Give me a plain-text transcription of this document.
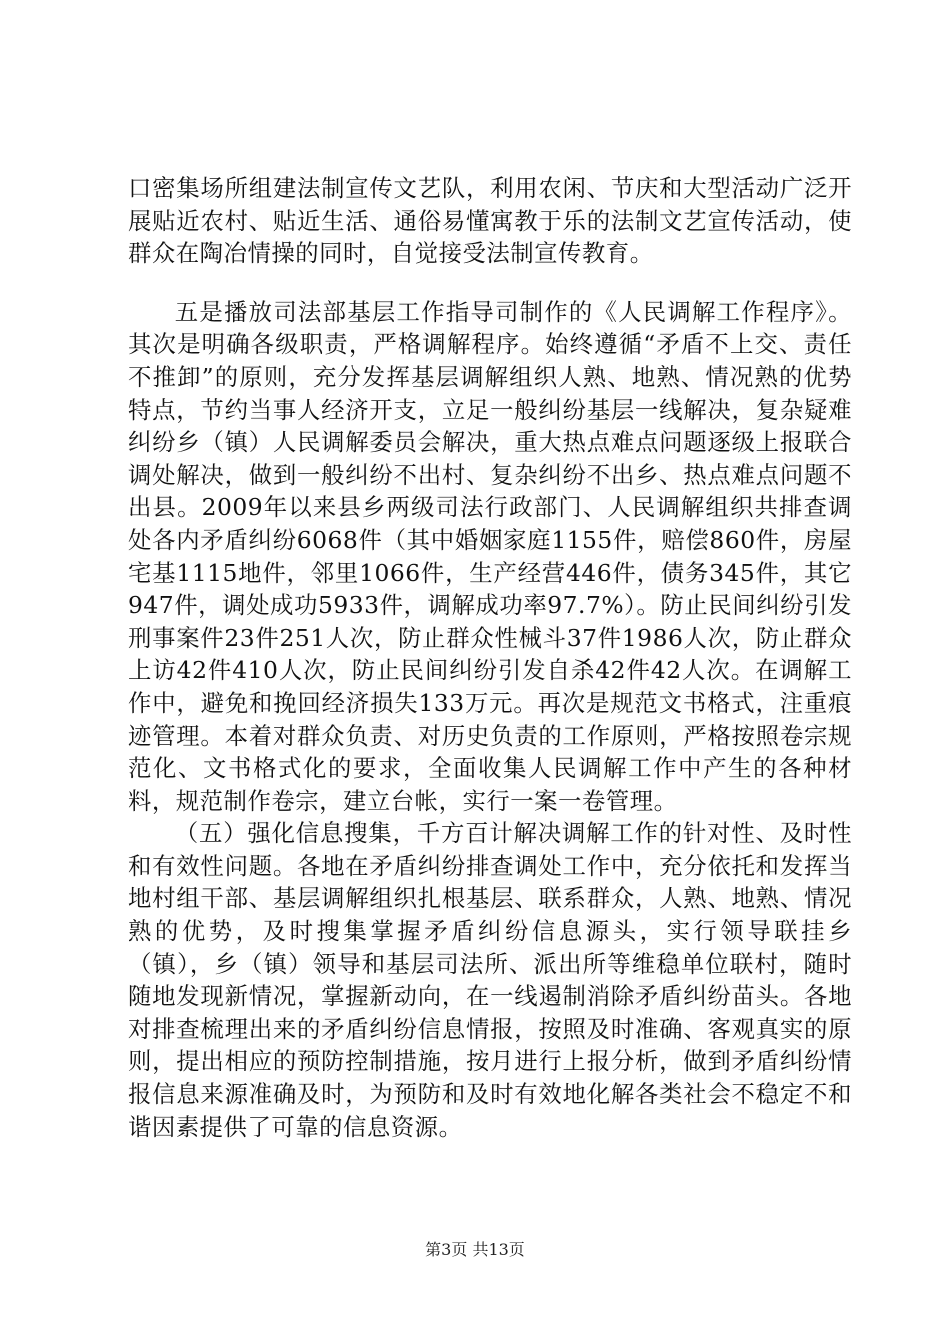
口密集场所组建法制宣传文艺队，利用农闲、节庆和大型活动广泛开展贴近农村、贴近生活、通俗易懂寓教于乐的法制文艺宣传活动，使群众在陶冶情操的同时，自觉接受法制宣传教育。

五是播放司法部基层工作指导司制作的《人民调解工作程序》。其次是明确各级职责，严格调解程序。始终遵循“矛盾不上交、责任不推卸”的原则，充分发挥基层调解组织人熟、地熟、情况熟的优势特点，节约当事人经济开支，立足一般纠纷基层一线解决，复杂疑难纠纷乡（镇）人民调解委员会解决，重大热点难点问题逐级上报联合调处解决，做到一般纠纷不出村、复杂纠纷不出乡、热点难点问题不出县。2009年以来县乡两级司法行政部门、人民调解组织共排查调处各内矛盾纠纷6068件（其中婚姻家庭1155件，赔偿860件，房屋宅基1115地件，邻里1066件，生产经营446件，债务345件，其它947件，调处成功5933件，调解成功率97.7%）。防止民间纠纷引发刑事案件23件251人次，防止群众性械斗37件1986人次，防止群众上访42件410人次，防止民间纠纷引发自杀42件42人次。在调解工作中，避免和挽回经济损失133万元。再次是规范文书格式，注重痕迹管理。本着对群众负责、对历史负责的工作原则，严格按照卷宗规范化、文书格式化的要求，全面收集人民调解工作中产生的各种材料，规范制作卷宗，建立台帐，实行一案一卷管理。

（五）强化信息搜集，千方百计解决调解工作的针对性、及时性和有效性问题。各地在矛盾纠纷排查调处工作中，充分依托和发挥当地村组干部、基层调解组织扎根基层、联系群众，人熟、地熟、情况熟的优势，及时搜集掌握矛盾纠纷信息源头，实行领导联挂乡（镇），乡（镇）领导和基层司法所、派出所等维稳单位联村，随时随地发现新情况，掌握新动向，在一线遏制消除矛盾纠纷苗头。各地对排查梳理出来的矛盾纠纷信息情报，按照及时准确、客观真实的原则，提出相应的预防控制措施，按月进行上报分析，做到矛盾纠纷情报信息来源准确及时，为预防和及时有效地化解各类社会不稳定不和谐因素提供了可靠的信息资源。

第3页 共13页
